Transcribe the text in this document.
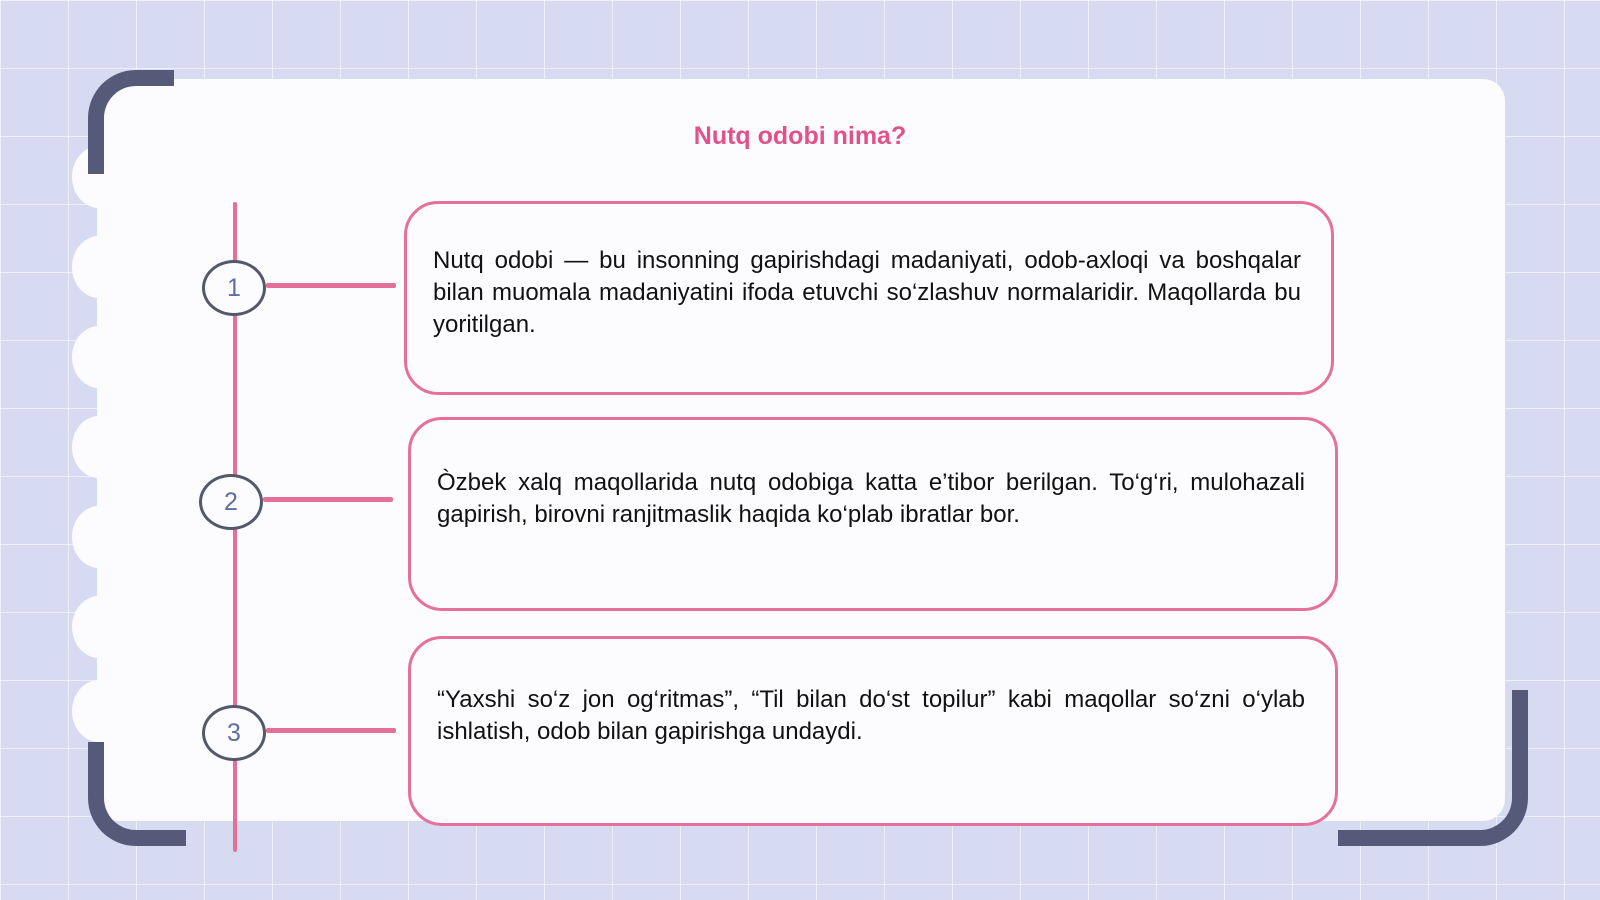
Nutq odobi nima?
1
2
3
Nutq odobi — bu insonning gapirishdagi madaniyati, odob-axloqi va boshqalar bilan muomala madaniyatini ifoda etuvchi so‘zlashuv normalaridir. Maqollarda bu yoritilgan.
Òzbek xalq maqollarida nutq odobiga katta e’tibor berilgan. To‘g‘ri, mulohazali gapirish, birovni ranjitmaslik haqida ko‘plab ibratlar bor.
“Yaxshi so‘z jon og‘ritmas”, “Til bilan do‘st topilur” kabi maqollar so‘zni o‘ylab ishlatish, odob bilan gapirishga undaydi.
